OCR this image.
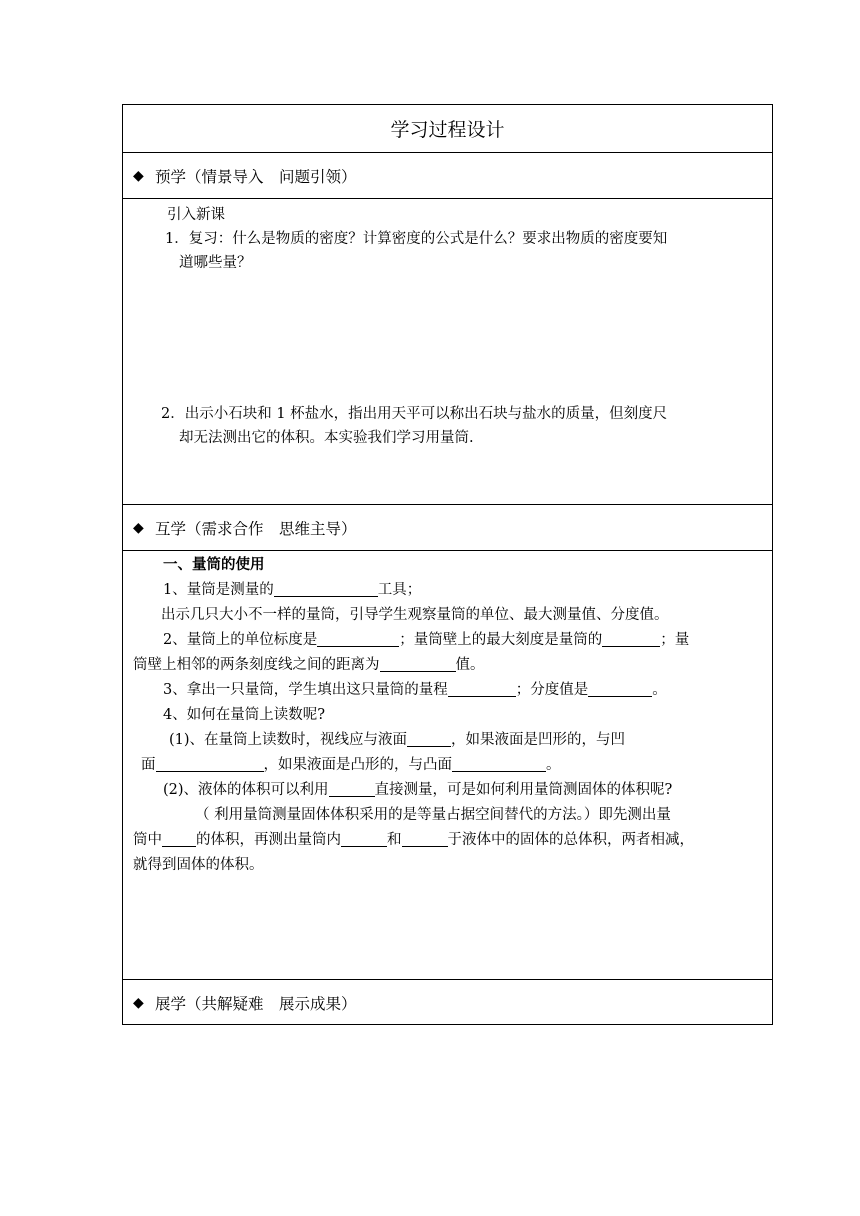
学习过程设计
◆ 预学（情景导入　问题引领）
引入新课
1．复习：什么是物质的密度？计算密度的公式是什么？要求出物质的密度要知
道哪些量？
2．出示小石块和 1 杯盐水，指出用天平可以称出石块与盐水的质量，但刻度尺
却无法测出它的体积。本实验我们学习用量筒.
◆ 互学（需求合作　思维主导）
一、量筒的使用
1、量筒是测量的	工具；
出示几只大小不一样的量筒，引导学生观察量筒的单位、最大测量值、分度值。
2、量筒上的单位标度是	；量筒壁上的最大刻度是量筒的	；量
筒壁上相邻的两条刻度线之间的距离为	值。
3、拿出一只量筒，学生填出这只量筒的量程	；分度值是	。
4、如何在量筒上读数呢?
(1)、在量筒上读数时，视线应与液面	，如果液面是凹形的，与凹
面	，如果液面是凸形的，与凸面	。
(2)、液体的体积可以利用	直接测量，可是如何利用量筒测固体的体积呢?
（ 利用量筒测量固体体积采用的是等量占据空间替代的方法。）即先测出量
筒中 的体积，再测出量筒内	和	于液体中的固体的总体积，两者相减，
就得到固体的体积。
◆ 展学（共解疑难　展示成果）
